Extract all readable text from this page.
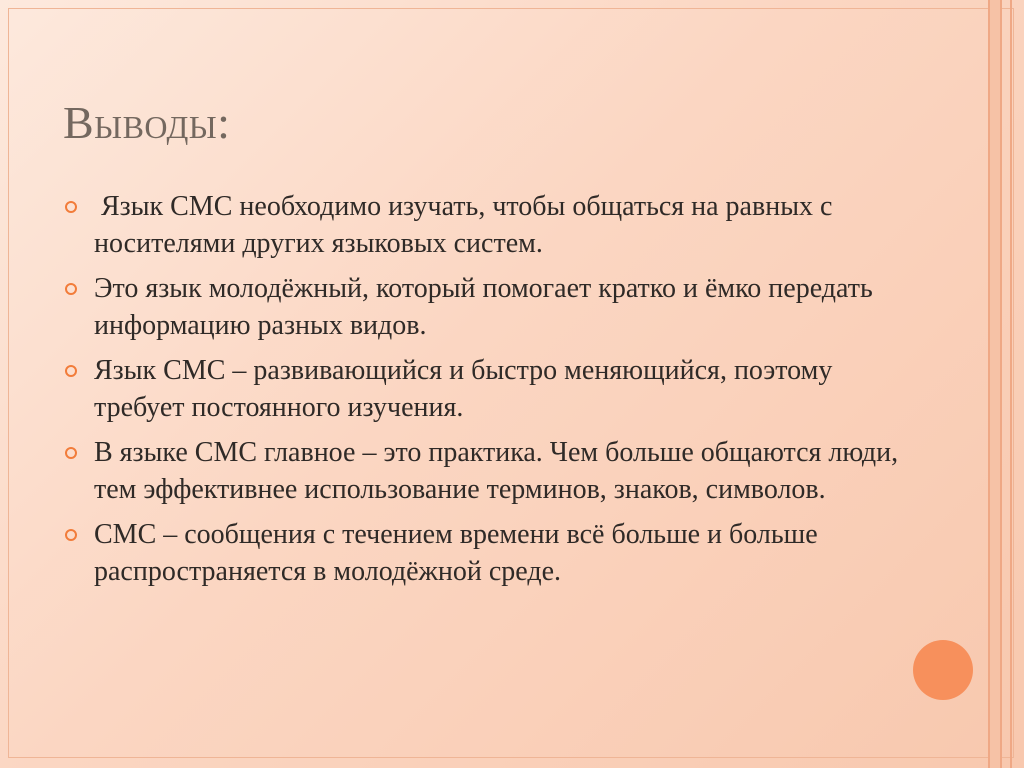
Выводы:
Язык СМС необходимо изучать, чтобы общаться на равных с носителями других языковых систем.
Это язык молодёжный, который помогает кратко и ёмко передать информацию разных видов.
Язык СМС – развивающийся и быстро меняющийся, поэтому требует постоянного изучения.
В языке СМС главное – это практика. Чем больше общаются люди, тем эффективнее использование терминов, знаков, символов.
СМС – сообщения с течением времени всё больше и больше распространяется в молодёжной среде.
